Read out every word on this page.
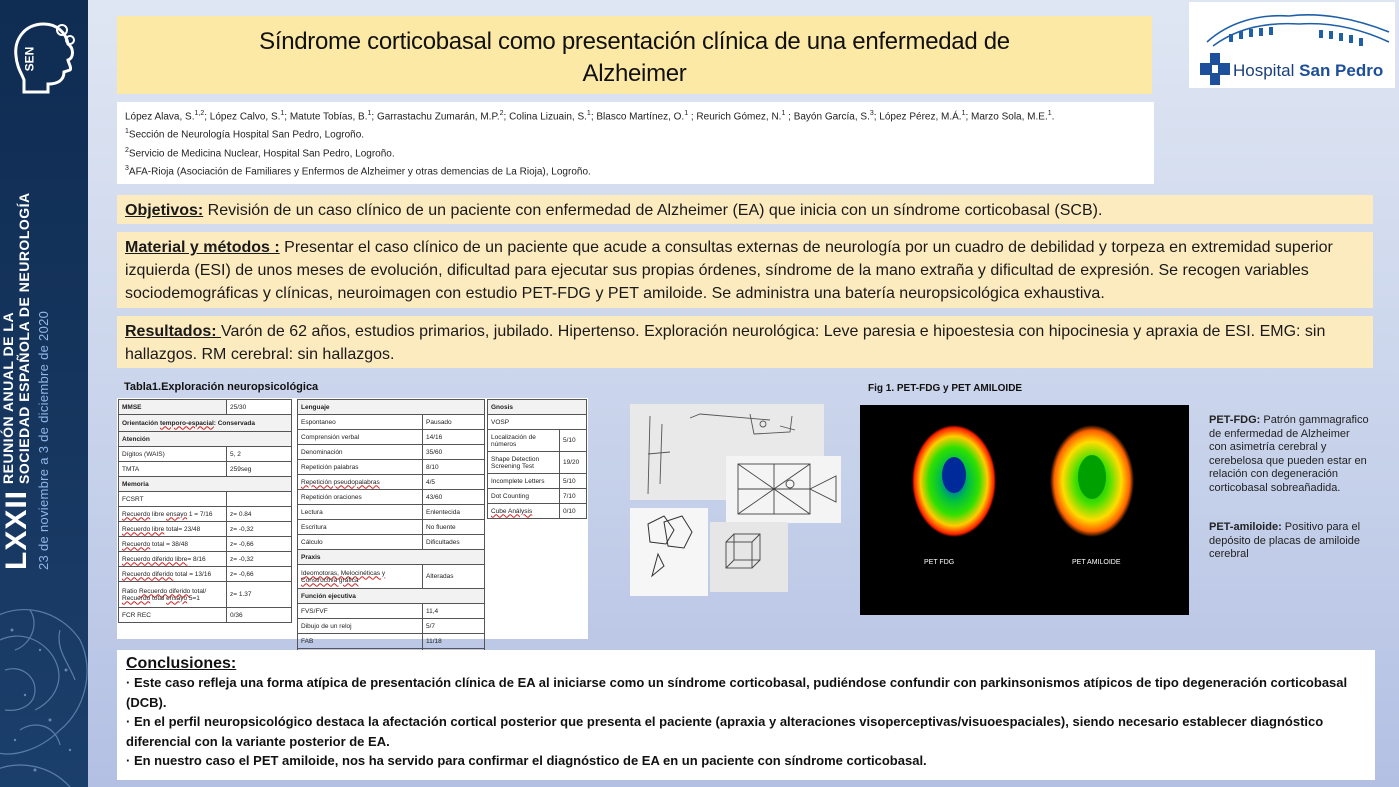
SEN
LXXII
REUNIÓN ANUAL DE LA SOCIEDAD ESPAÑOLA DE NEUROLOGÍA 23 de noviembre a 3 de diciembre de 2020
Síndrome corticobasal como presentación clínica de una enfermedad de
Alzheimer	Hospital San Pedro
López Alava, S.$^{1,2}$; López Calvo, S.$^1$; Matute Tobías, B.$^1$; Garrastachu Zumarán, M.P.$^2$; Colina Lizuain, S.$^1$; Blasco Martínez, O.$^1$ ; Reurich Gómez, N.$^1$ ; Bayón García, S.$^3$; López Pérez, M.Á.$^1$; Marzo Sola, M.E.$^1$.
$^1$Sección de Neurología Hospital San Pedro, Logroño.
$^2$Servicio de Medicina Nuclear, Hospital San Pedro, Logroño.
$^3$AFA-Rioja (Asociación de Familiares y Enfermos de Alzheimer y otras demencias de La Rioja), Logroño.
Objetivos: Revisión de un caso clínico de un paciente con enfermedad de Alzheimer (EA) que inicia con un síndrome corticobasal (SCB).
Material y métodos : Presentar el caso clínico de un paciente que acude a consultas externas de neurología por un cuadro de debilidad y torpeza en extremidad superior izquierda (ESI) de unos meses de evolución, dificultad para ejecutar sus propias órdenes, síndrome de la mano extraña y dificultad de expresión. Se recogen variables sociodemográficas y clínicas, neuroimagen con estudio PET-FDG y PET amiloide. Se administra una batería neuropsicológica exhaustiva.
Resultados: Varón de 62 años, estudios primarios, jubilado. Hipertenso. Exploración neurológica: Leve paresia e hipoestesia con hipocinesia y apraxia de ESI. EMG: sin hallazgos. RM cerebral: sin hallazgos.
Tabla1.Exploración neuropsicológica
MMSE	25/30
Orientación temporo-espacial: Conservada	
Atención	
Dígitos (WAIS)	5, 2
TMTA	259seg
Memoria	
FCSRT	
Recuerdo libre ensayo 1 = 7/16	z= 0.84
Recuerdo libre total= 23/48	z= -0,32
Recuerdo total = 38/48	z= -0,66
Recuerdo diferido libre= 8/16	z= -0,32
Recuerdo diferido total = 13/16	z= -0,66
Ratio Recuerdo diferido total/
Recuerdo total ensayo 5=1	z= 1.37
FCR REC	0/36
Lenguaje	
Espontaneo	Pausado
Comprensión verbal	14/16
Denominación	35/60
Repetición palabras	8/10
Repetición pseudopalabras	4/5
Repetición oraciones	43/60
Lectura	Enlentecida
Escritura	No fluente
Cálculo	Dificultades
Praxis	
Ideomotoras, Melocinéticas y Constructiva gráfica	Alteradas
Función ejecutiva	
FVS/FVF	11,4
Dibujo de un reloj	5/7
FAB	11/18

Gnosis	
VOSP	
Localización de números	5/10
Shape Detection Screening Test	19/20
Incomplete Letters	5/10
Dot Counting	7/10
Cube Análysis	0/10
Fig 1. PET-FDG y PET AMILOIDE
PET FDG	PET AMILOIDE
PET-FDG: Patrón gammagrafico de enfermedad de Alzheimer con asimetría cerebral y cerebelosa que pueden estar en relación con degeneración corticobasal sobreañadida.
PET-amiloide: Positivo para el depósito de placas de amiloide cerebral
Conclusiones:
· Este caso refleja una forma atípica de presentación clínica de EA al iniciarse como un síndrome corticobasal, pudiéndose confundir con parkinsonismos atípicos de tipo degeneración corticobasal (DCB).
· En el perfil neuropsicológico destaca la afectación cortical posterior que presenta el paciente (apraxia y alteraciones visoperceptivas/visuoespaciales), siendo necesario establecer diagnóstico diferencial con la variante posterior de EA.
· En nuestro caso el PET amiloide, nos ha servido para confirmar el diagnóstico de EA en un paciente con síndrome corticobasal.
